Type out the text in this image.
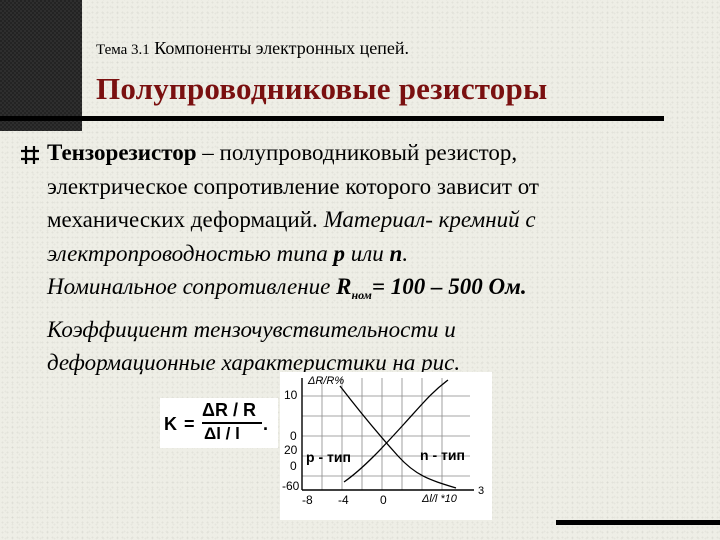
Тема 3.1 Компоненты электронных цепей.
Полупроводниковые резисторы
Тензорезистор – полупроводниковый резистор,
электрическое сопротивление которого зависит от
механических деформаций. Материал- кремний с
электропроводностью типа p или n.
Номинальное сопротивление $R_{ном}= 100 - 500$ Ом.
Коэффициент тензочувствительности и
деформационные характеристики на рис.
K =
ΔR / R
Δl / l .
ΔR/R%
10
0
20
0
-60
p - тип	n - тип
-8 -4	0	Δl/l *10
3
